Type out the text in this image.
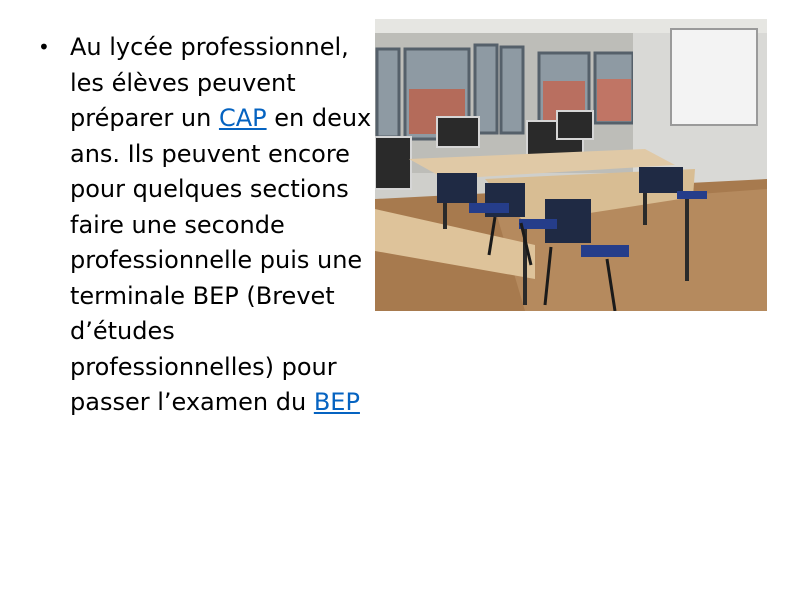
• Au lycée professionnel, les élèves peuvent préparer un CAP en deux ans. Ils peuvent encore pour quelques sections faire une seconde professionnelle puis une terminale BEP (Brevet d’études professionnelles) pour passer l’examen du BEP
